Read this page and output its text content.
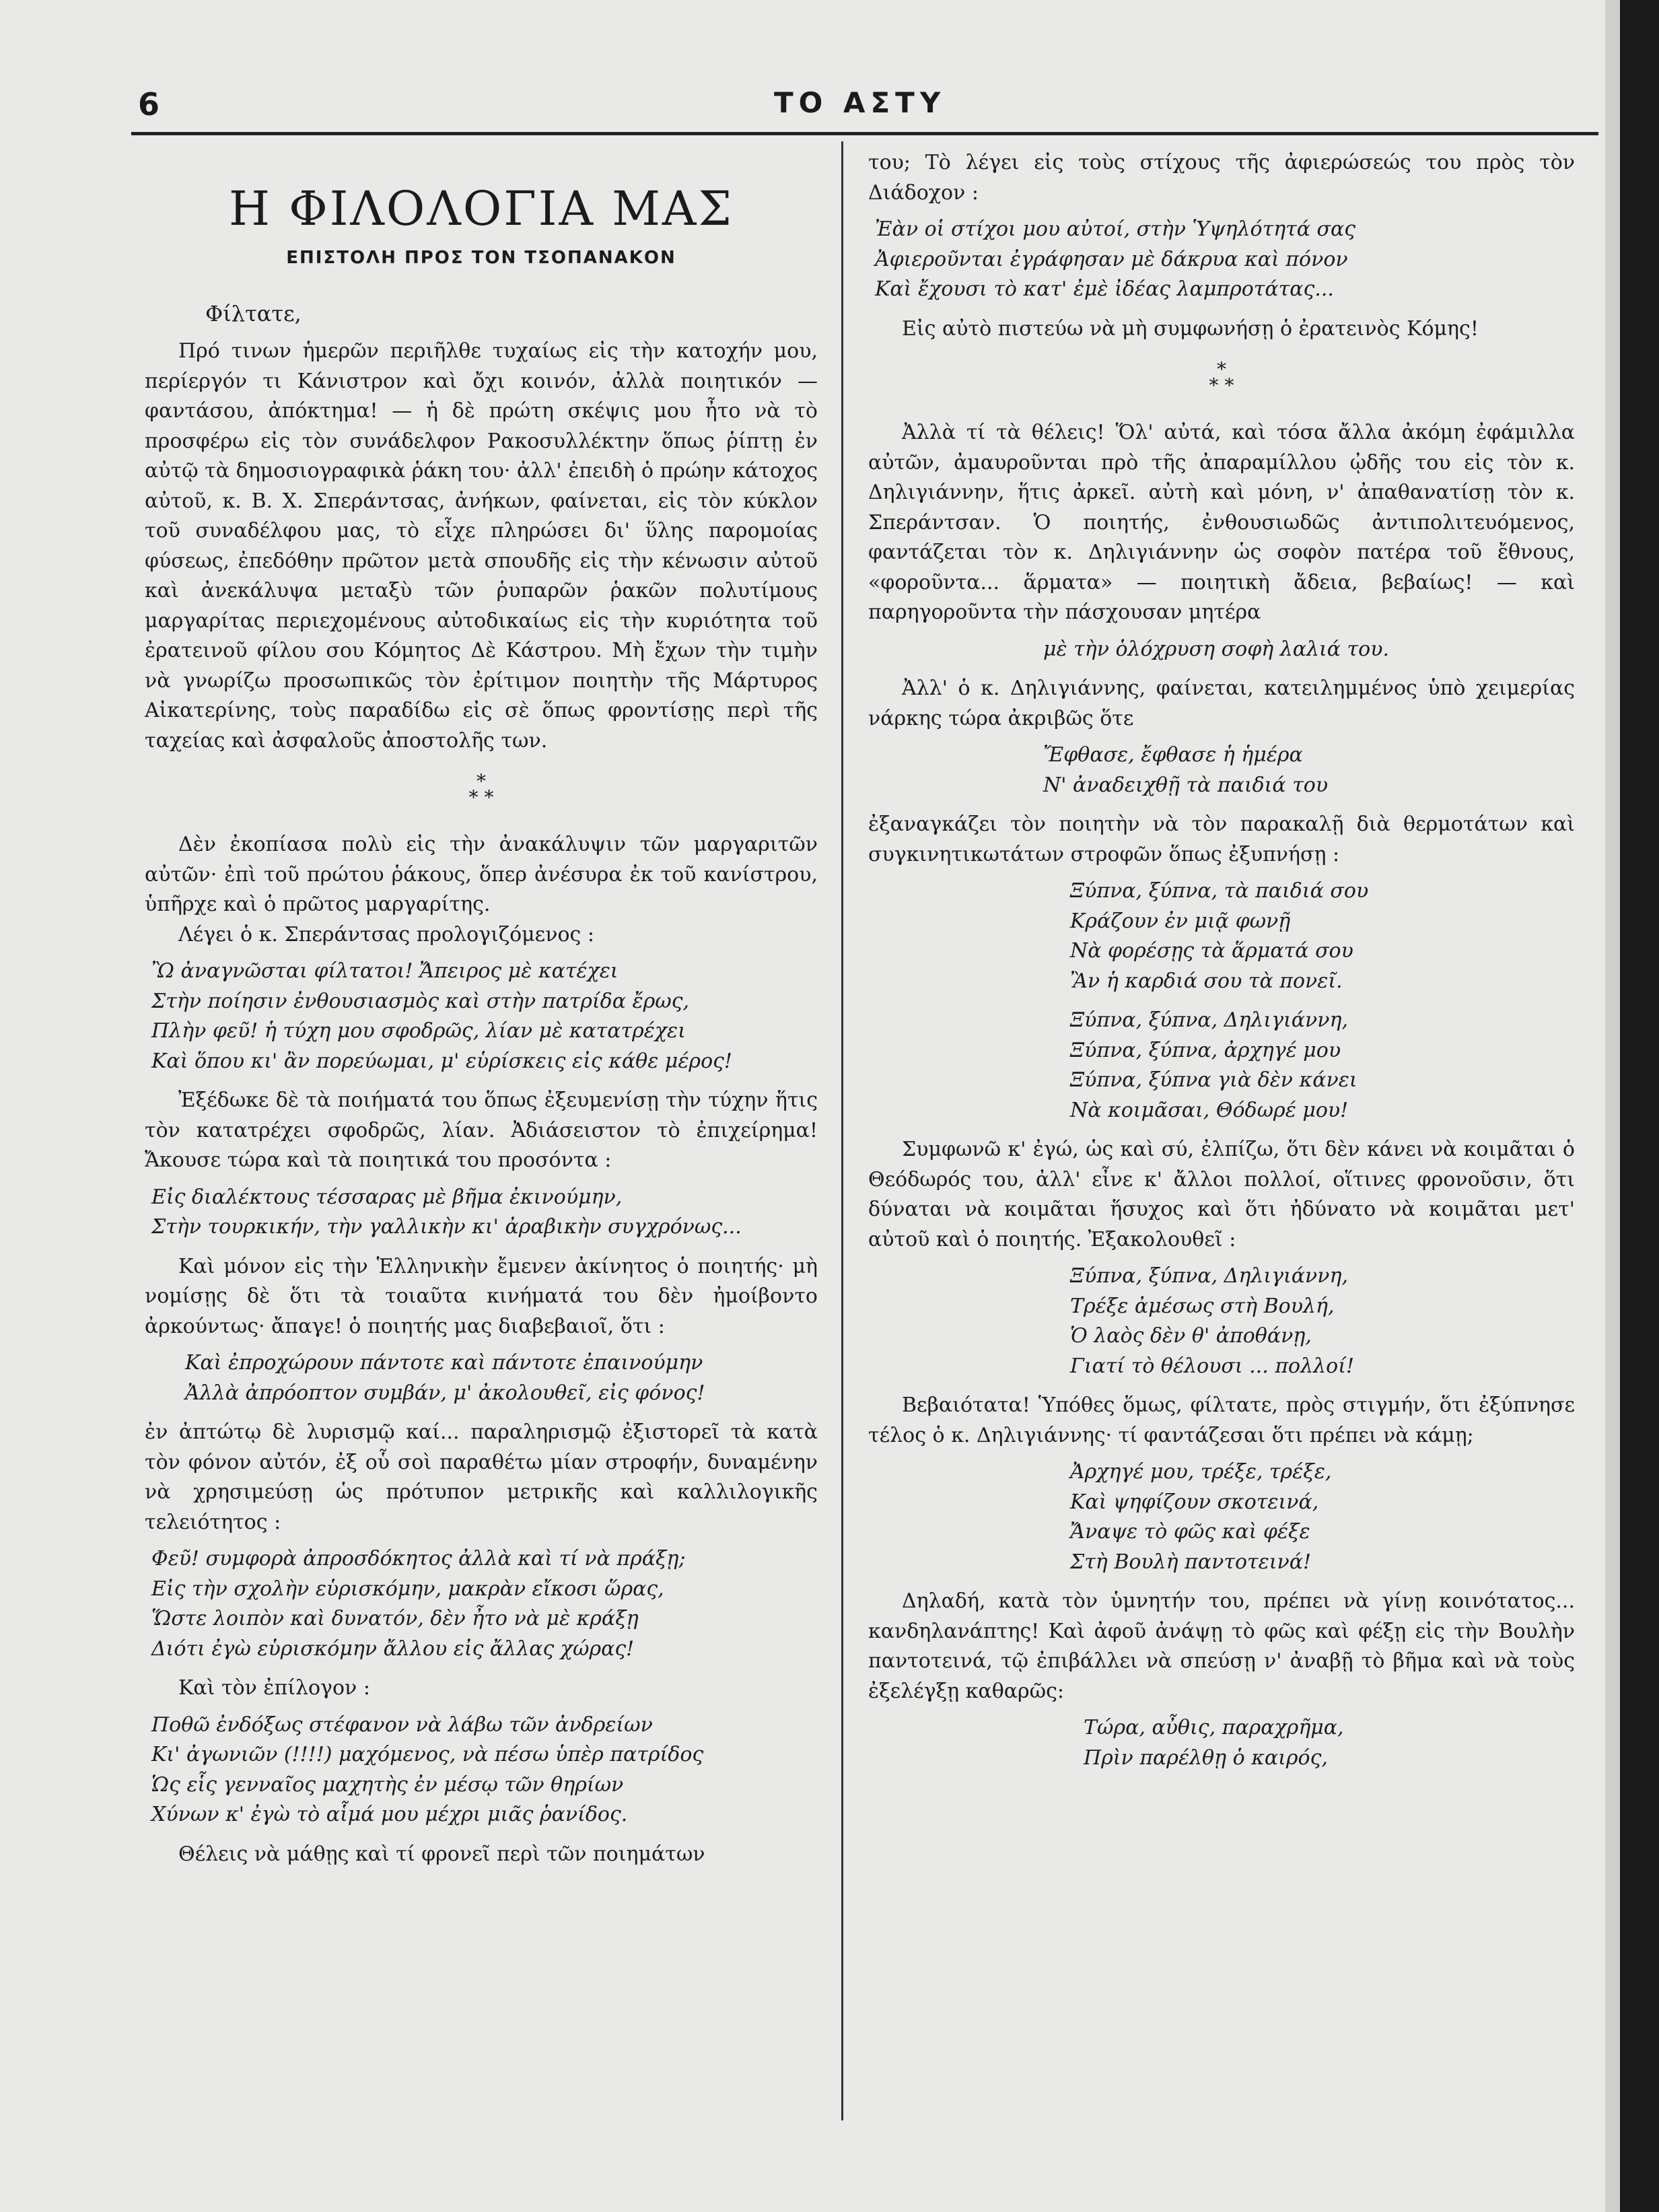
6	ΤΟ ΑΣΤΥ
Η ΦΙΛΟΛΟΓΙΑ ΜΑΣ
ΕΠΙΣΤΟΛΗ ΠΡΟΣ ΤΟΝ ΤΣΟΠΑΝΑΚΟΝ
Φίλτατε,

Πρό τινων ἡμερῶν περιῆλθε τυχαίως εἰς τὴν κατοχήν μου, περίεργόν τι Κάνιστρον καὶ ὄχι κοινόν, ἀλλὰ ποιητικόν — φαντάσου, ἀπόκτημα! — ἡ δὲ πρώτη σκέψις μου ἦτο νὰ τὸ προσφέρω εἰς τὸν συνάδελφον Ρακοσυλλέκτην ὅπως ῥίπτῃ ἐν αὐτῷ τὰ δημοσιογραφικὰ ῥάκη του· ἀλλ' ἐπειδὴ ὁ πρώην κάτοχος αὐτοῦ, κ. Β. Χ. Σπεράντσας, ἀνήκων, φαίνεται, εἰς τὸν κύκλον τοῦ συναδέλφου μας, τὸ εἶχε πληρώσει δι' ὕλης παρομοίας φύσεως, ἐπεδόθην πρῶτον μετὰ σπουδῆς εἰς τὴν κένωσιν αὐτοῦ καὶ ἀνεκάλυψα μεταξὺ τῶν ῥυπαρῶν ῥακῶν πολυτίμους μαργαρίτας περιεχομένους αὐτοδικαίως εἰς τὴν κυριότητα τοῦ ἐρατεινοῦ φίλου σου Κόμητος Δὲ Κάστρου. Μὴ ἔχων τὴν τιμὴν νὰ γνωρίζω προσωπικῶς τὸν ἐρίτιμον ποιητὴν τῆς Μάρτυρος Αἰκατερίνης, τοὺς παραδίδω εἰς σὲ ὅπως φροντίσῃς περὶ τῆς ταχείας καὶ ἀσφαλοῦς ἀποστολῆς των.

*
* *

Δὲν ἐκοπίασα πολὺ εἰς τὴν ἀνακάλυψιν τῶν μαργαριτῶν αὐτῶν· ἐπὶ τοῦ πρώτου ῥάκους, ὅπερ ἀνέσυρα ἐκ τοῦ κανίστρου, ὑπῆρχε καὶ ὁ πρῶτος μαργαρίτης.

Λέγει ὁ κ. Σπεράντσας προλογιζόμενος :

Ὢ ἀναγνῶσται φίλτατοι! Ἄπειρος μὲ κατέχει
Στὴν ποίησιν ἐνθουσιασμὸς καὶ στὴν πατρίδα ἔρως,
Πλὴν φεῦ! ἡ τύχη μου σφοδρῶς, λίαν μὲ κατατρέχει
Καὶ ὅπου κι' ἂν πορεύωμαι, μ' εὑρίσκεις εἰς κάθε μέρος!

Ἐξέδωκε δὲ τὰ ποιήματά του ὅπως ἐξευμενίσῃ τὴν τύχην ἥτις τὸν κατατρέχει σφοδρῶς, λίαν. Ἀδιάσειστον τὸ ἐπιχείρημα! Ἄκουσε τώρα καὶ τὰ ποιητικά του προσόντα :

Εἰς διαλέκτους τέσσαρας μὲ βῆμα ἐκινούμην,
Στὴν τουρκικήν, τὴν γαλλικὴν κι' ἀραβικὴν συγχρόνως...

Καὶ μόνον εἰς τὴν Ἑλληνικὴν ἔμενεν ἀκίνητος ὁ ποιητής· μὴ νομίσῃς δὲ ὅτι τὰ τοιαῦτα κινήματά του δὲν ἠμοίβοντο ἀρκούντως· ἄπαγε! ὁ ποιητής μας διαβεβαιοῖ, ὅτι :

Καὶ ἐπροχώρουν πάντοτε καὶ πάντοτε ἐπαινούμην
Ἀλλὰ ἀπρόοπτον συμβάν, μ' ἀκολουθεῖ, εἰς φόνος!

ἐν ἀπτώτῳ δὲ λυρισμῷ καί... παραληρισμῷ ἐξιστορεῖ τὰ κατὰ τὸν φόνον αὐτόν, ἐξ οὗ σοὶ παραθέτω μίαν στροφήν, δυναμένην νὰ χρησιμεύσῃ ὡς πρότυπον μετρικῆς καὶ καλλιλογικῆς τελειότητος :

Φεῦ! συμφορὰ ἀπροσδόκητος ἀλλὰ καὶ τί νὰ πράξῃ;
Εἰς τὴν σχολὴν εὑρισκόμην, μακρὰν εἴκοσι ὥρας,
Ὥστε λοιπὸν καὶ δυνατόν, δὲν ἦτο νὰ μὲ κράξῃ
Διότι ἐγὼ εὑρισκόμην ἄλλου εἰς ἄλλας χώρας!

Καὶ τὸν ἐπίλογον :

Ποθῶ ἐνδόξως στέφανον νὰ λάβω τῶν ἀνδρείων
Κι' ἀγωνιῶν (!!!!) μαχόμενος, νὰ πέσω ὑπὲρ πατρίδος
Ὡς εἷς γενναῖος μαχητὴς ἐν μέσῳ τῶν θηρίων
Χύνων κ' ἐγὼ τὸ αἷμά μου μέχρι μιᾶς ῥανίδος.

Θέλεις νὰ μάθῃς καὶ τί φρονεῖ περὶ τῶν ποιημάτων

του; Τὸ λέγει εἰς τοὺς στίχους τῆς ἀφιερώσεώς του πρὸς τὸν Διάδοχον :

Ἐὰν οἱ στίχοι μου αὐτοί, στὴν Ὑψηλότητά σας
Ἀφιεροῦνται ἐγράφησαν μὲ δάκρυα καὶ πόνον
Καὶ ἔχουσι τὸ κατ' ἐμὲ ἰδέας λαμπροτάτας...

Εἰς αὐτὸ πιστεύω νὰ μὴ συμφωνήσῃ ὁ ἐρατεινὸς Κόμης!

*
* *

Ἀλλὰ τί τὰ θέλεις! Ὅλ' αὐτά, καὶ τόσα ἄλλα ἀκόμη ἐφάμιλλα αὐτῶν, ἀμαυροῦνται πρὸ τῆς ἀπαραμίλλου ᾠδῆς του εἰς τὸν κ. Δηλιγιάννην, ἥτις ἀρκεῖ. αὐτὴ καὶ μόνη, ν' ἀπαθανατίσῃ τὸν κ. Σπεράντσαν. Ὁ ποιητής, ἐνθουσιωδῶς ἀντιπολιτευόμενος, φαντάζεται τὸν κ. Δηλιγιάννην ὡς σοφὸν πατέρα τοῦ ἔθνους, «φοροῦντα... ἅρματα» — ποιητικὴ ἄδεια, βεβαίως! — καὶ παρηγοροῦντα τὴν πάσχουσαν μητέρα

μὲ τὴν ὁλόχρυση σοφὴ λαλιά του.

Ἀλλ' ὁ κ. Δηλιγιάννης, φαίνεται, κατειλημμένος ὑπὸ χειμερίας νάρκης τώρα ἀκριβῶς ὅτε

Ἔφθασε, ἔφθασε ἡ ἡμέρα
Ν' ἀναδειχθῇ τὰ παιδιά του

ἐξαναγκάζει τὸν ποιητὴν νὰ τὸν παρακαλῇ διὰ θερμοτάτων καὶ συγκινητικωτάτων στροφῶν ὅπως ἐξυπνήσῃ :

Ξύπνα, ξύπνα, τὰ παιδιά σου
Κράζουν ἐν μιᾷ φωνῇ
Νὰ φορέσῃς τὰ ἅρματά σου
Ἂν ἡ καρδιά σου τὰ πονεῖ.
Ξύπνα, ξύπνα, Δηλιγιάννη,
Ξύπνα, ξύπνα, ἀρχηγέ μου
Ξύπνα, ξύπνα γιὰ δὲν κάνει
Νὰ κοιμᾶσαι, Θόδωρέ μου!

Συμφωνῶ κ' ἐγώ, ὡς καὶ σύ, ἐλπίζω, ὅτι δὲν κάνει νὰ κοιμᾶται ὁ Θεόδωρός του, ἀλλ' εἶνε κ' ἄλλοι πολλοί, οἵτινες φρονοῦσιν, ὅτι δύναται νὰ κοιμᾶται ἥσυχος καὶ ὅτι ἠδύνατο νὰ κοιμᾶται μετ' αὐτοῦ καὶ ὁ ποιητής. Ἐξακολουθεῖ :

Ξύπνα, ξύπνα, Δηλιγιάννη,
Τρέξε ἀμέσως στὴ Βουλή,
Ὁ λαὸς δὲν θ' ἀποθάνῃ,
Γιατί τὸ θέλουσι ... πολλοί!

Βεβαιότατα! Ὑπόθες ὅμως, φίλτατε, πρὸς στιγμήν, ὅτι ἐξύπνησε τέλος ὁ κ. Δηλιγιάννης· τί φαντάζεσαι ὅτι πρέπει νὰ κάμῃ;

Ἀρχηγέ μου, τρέξε, τρέξε,
Καὶ ψηφίζουν σκοτεινά,
Ἄναψε τὸ φῶς καὶ φέξε
Στὴ Βουλὴ παντοτεινά!

Δηλαδή, κατὰ τὸν ὑμνητήν του, πρέπει νὰ γίνῃ κοινότατος... κανδηλανάπτης! Καὶ ἀφοῦ ἀνάψῃ τὸ φῶς καὶ φέξῃ εἰς τὴν Βουλὴν παντοτεινά, τῷ ἐπιβάλλει νὰ σπεύσῃ ν' ἀναβῇ τὸ βῆμα καὶ νὰ τοὺς ἐξελέγξῃ καθαρῶς:

Τώρα, αὖθις, παραχρῆμα,
Πρὶν παρέλθῃ ὁ καιρός,
